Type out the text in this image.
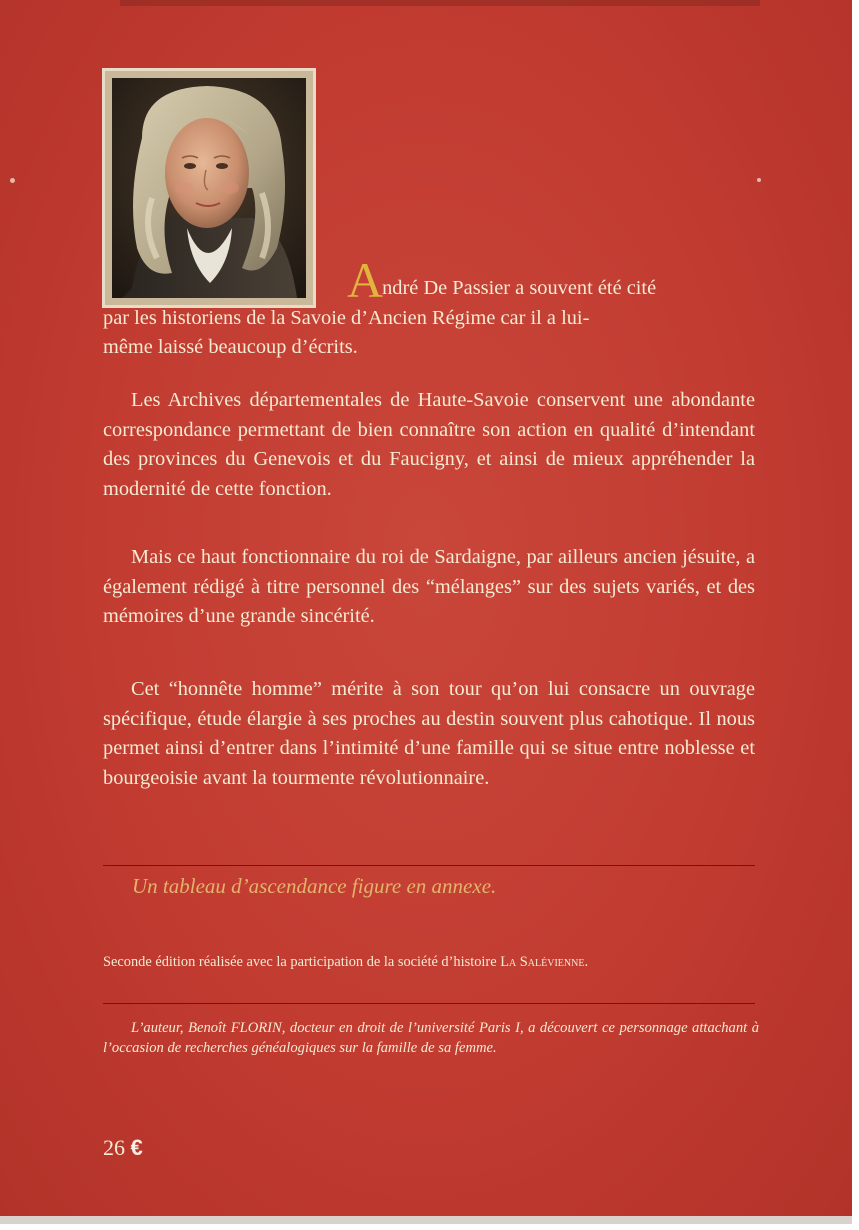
André De Passier a souvent été cité
par les historiens de la Savoie d’Ancien Régime car il a lui-
même laissé beaucoup d’écrits.
Les Archives départementales de Haute-Savoie conservent une abondante correspondance permettant de bien connaître son action en qualité d’intendant des provinces du Genevois et du Faucigny, et ainsi de mieux appréhender la modernité de cette fonction.
Mais ce haut fonctionnaire du roi de Sardaigne, par ailleurs ancien jésuite, a également rédigé à titre personnel des “mélanges” sur des sujets variés, et des mémoires d’une grande sincérité.
Cet “honnête homme” mérite à son tour qu’on lui consacre un ouvrage spécifique, étude élargie à ses proches au destin souvent plus cahotique. Il nous permet ainsi d’entrer dans l’intimité d’une famille qui se situe entre noblesse et bourgeoisie avant la tourmente révolutionnaire.
Un tableau d’ascendance figure en annexe.
Seconde édition réalisée avec la participation de la société d’histoire La Salévienne.
L’auteur, Benoît FLORIN, docteur en droit de l’université Paris I, a découvert ce personnage attachant à l’occasion de recherches généalogiques sur la famille de sa femme.
26 €
